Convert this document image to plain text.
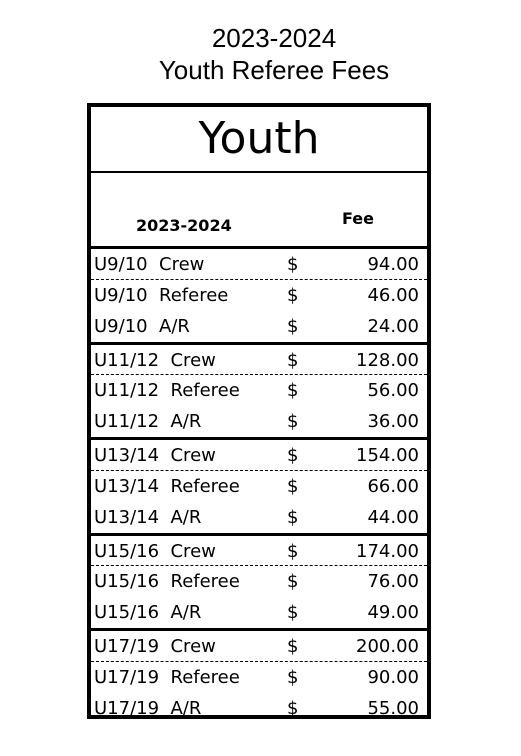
2023-2024
Youth Referee Fees
Youth
2023-2024	Fee
U9/10  Crew	$	94.00
U9/10  Referee	$	46.00
U9/10  A/R	$	24.00
U11/12  Crew	$	128.00
U11/12  Referee	$	56.00
U11/12  A/R	$	36.00
U13/14  Crew	$	154.00
U13/14  Referee	$	66.00
U13/14  A/R	$	44.00
U15/16  Crew	$	174.00
U15/16  Referee	$	76.00
U15/16  A/R	$	49.00
U17/19  Crew	$	200.00
U17/19  Referee	$	90.00
U17/19  A/R	$	55.00
